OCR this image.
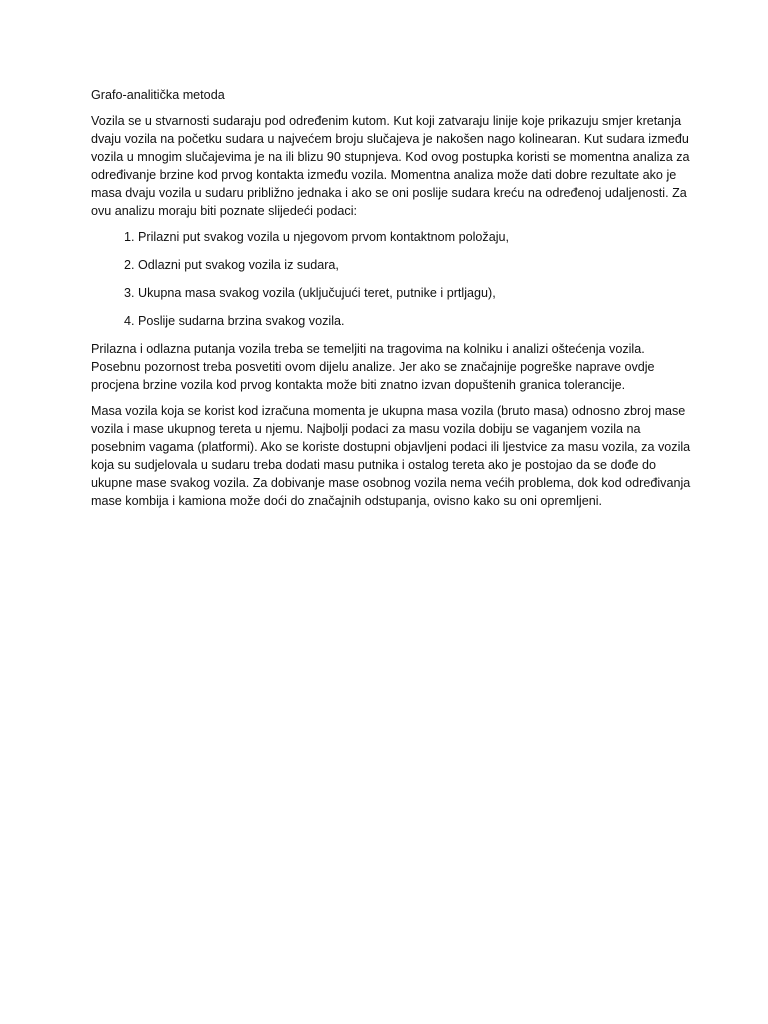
Grafo-analitička metoda

Vozila se u stvarnosti sudaraju pod određenim kutom. Kut koji zatvaraju linije koje prikazuju smjer kretanja dvaju vozila na početku sudara u najvećem broju slučajeva je nakošen nago kolinearan. Kut sudara između vozila u mnogim slučajevima je na ili blizu 90 stupnjeva. Kod ovog postupka koristi se momentna analiza za određivanje brzine kod prvog kontakta između vozila. Momentna analiza može dati dobre rezultate ako je masa dvaju vozila u sudaru približno jednaka i ako se oni poslije sudara kreću na određenoj udaljenosti. Za ovu analizu moraju biti poznate slijedeći podaci:

1. Prilazni put svakog vozila u njegovom prvom kontaktnom položaju,
2. Odlazni put svakog vozila iz sudara,
3. Ukupna masa svakog vozila (uključujući teret, putnike i prtljagu),
4. Poslije sudarna brzina svakog vozila.

Prilazna i odlazna putanja vozila treba se temeljiti na tragovima na kolniku i analizi oštećenja vozila. Posebnu pozornost treba posvetiti ovom dijelu analize. Jer ako se značajnije pogreške naprave ovdje procjena brzine vozila kod prvog kontakta može biti znatno izvan dopuštenih granica tolerancije.

Masa vozila koja se korist kod izračuna momenta je ukupna masa vozila (bruto masa) odnosno zbroj mase vozila i mase ukupnog tereta u njemu. Najbolji podaci za masu vozila dobiju se vaganjem vozila na posebnim vagama (platformi). Ako se koriste dostupni objavljeni podaci ili ljestvice za masu vozila, za vozila koja su sudjelovala u sudaru treba dodati masu putnika i ostalog tereta ako je postojao da se dođe do ukupne mase svakog vozila. Za dobivanje mase osobnog vozila nema većih problema, dok kod određivanja mase kombija i kamiona može doći do značajnih odstupanja, ovisno kako su oni opremljeni.
